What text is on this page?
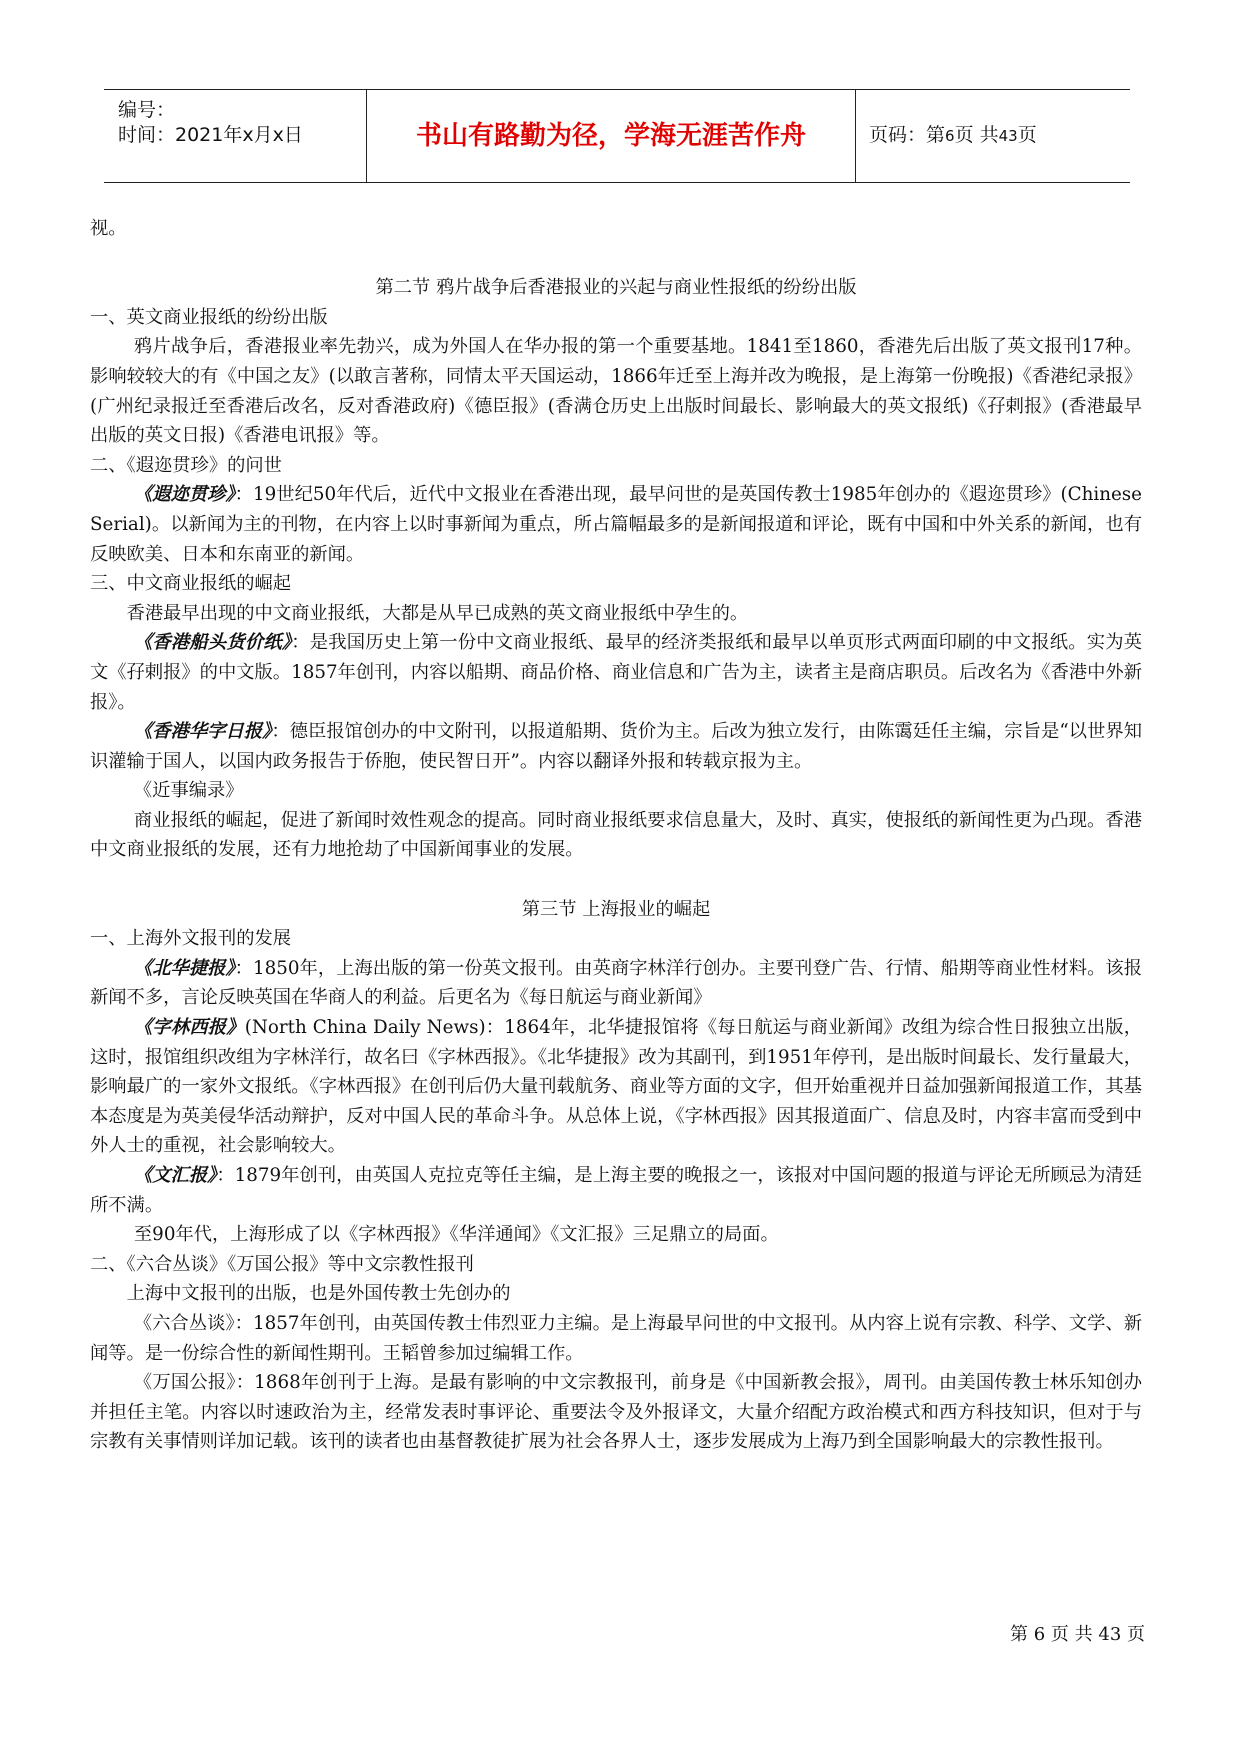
编号：
时间：2021年x月x日	书山有路勤为径，学海无涯苦作舟	页码：第6页 共43页

视。

第二节 鸦片战争后香港报业的兴起与商业性报纸的纷纷出版

一、英文商业报纸的纷纷出版

鸦片战争后，香港报业率先勃兴，成为外国人在华办报的第一个重要基地。1841至1860，香港先后出版了英文报刊17种。影响较较大的有《中国之友》(以敢言著称，同情太平天国运动，1866年迁至上海并改为晚报，是上海第一份晚报)《香港纪录报》(广州纪录报迁至香港后改名，反对香港政府)《德臣报》(香满仓历史上出版时间最长、影响最大的英文报纸)《孖剌报》(香港最早出版的英文日报)《香港电讯报》等。

二、《遐迩贯珍》的问世

《遐迩贯珍》：19世纪50年代后，近代中文报业在香港出现，最早问世的是英国传教士1985年创办的《遐迩贯珍》(Chinese Serial)。以新闻为主的刊物，在内容上以时事新闻为重点，所占篇幅最多的是新闻报道和评论，既有中国和中外关系的新闻，也有反映欧美、日本和东南亚的新闻。

三、中文商业报纸的崛起

香港最早出现的中文商业报纸，大都是从早已成熟的英文商业报纸中孕生的。

《香港船头货价纸》：是我国历史上第一份中文商业报纸、最早的经济类报纸和最早以单页形式两面印刷的中文报纸。实为英文《孖剌报》的中文版。1857年创刊，内容以船期、商品价格、商业信息和广告为主，读者主是商店职员。后改名为《香港中外新报》。

《香港华字日报》：德臣报馆创办的中文附刊，以报道船期、货价为主。后改为独立发行，由陈霭廷任主编，宗旨是“以世界知识灌输于国人，以国内政务报告于侨胞，使民智日开”。内容以翻译外报和转载京报为主。

《近事编录》

商业报纸的崛起，促进了新闻时效性观念的提高。同时商业报纸要求信息量大，及时、真实，使报纸的新闻性更为凸现。香港中文商业报纸的发展，还有力地抢劫了中国新闻事业的发展。

第三节 上海报业的崛起

一、上海外文报刊的发展

《北华捷报》：1850年，上海出版的第一份英文报刊。由英商字林洋行创办。主要刊登广告、行情、船期等商业性材料。该报新闻不多，言论反映英国在华商人的利益。后更名为《每日航运与商业新闻》

《字林西报》(North China Daily News)：1864年，北华捷报馆将《每日航运与商业新闻》改组为综合性日报独立出版，这时，报馆组织改组为字林洋行，故名曰《字林西报》。《北华捷报》改为其副刊，到1951年停刊，是出版时间最长、发行量最大，影响最广的一家外文报纸。《字林西报》在创刊后仍大量刊载航务、商业等方面的文字，但开始重视并日益加强新闻报道工作，其基本态度是为英美侵华活动辩护，反对中国人民的革命斗争。从总体上说，《字林西报》因其报道面广、信息及时，内容丰富而受到中外人士的重视，社会影响较大。

《文汇报》：1879年创刊，由英国人克拉克等任主编，是上海主要的晚报之一，该报对中国问题的报道与评论无所顾忌为清廷所不满。

至90年代，上海形成了以《字林西报》《华洋通闻》《文汇报》三足鼎立的局面。

二、《六合丛谈》《万国公报》等中文宗教性报刊

上海中文报刊的出版，也是外国传教士先创办的

《六合丛谈》：1857年创刊，由英国传教士伟烈亚力主编。是上海最早问世的中文报刊。从内容上说有宗教、科学、文学、新闻等。是一份综合性的新闻性期刊。王韬曾参加过编辑工作。

《万国公报》：1868年创刊于上海。是最有影响的中文宗教报刊，前身是《中国新教会报》，周刊。由美国传教士林乐知创办并担任主笔。内容以时速政治为主，经常发表时事评论、重要法令及外报译文，大量介绍配方政治模式和西方科技知识，但对于与宗教有关事情则详加记载。该刊的读者也由基督教徒扩展为社会各界人士，逐步发展成为上海乃到全国影响最大的宗教性报刊。

第 6 页 共 43 页
